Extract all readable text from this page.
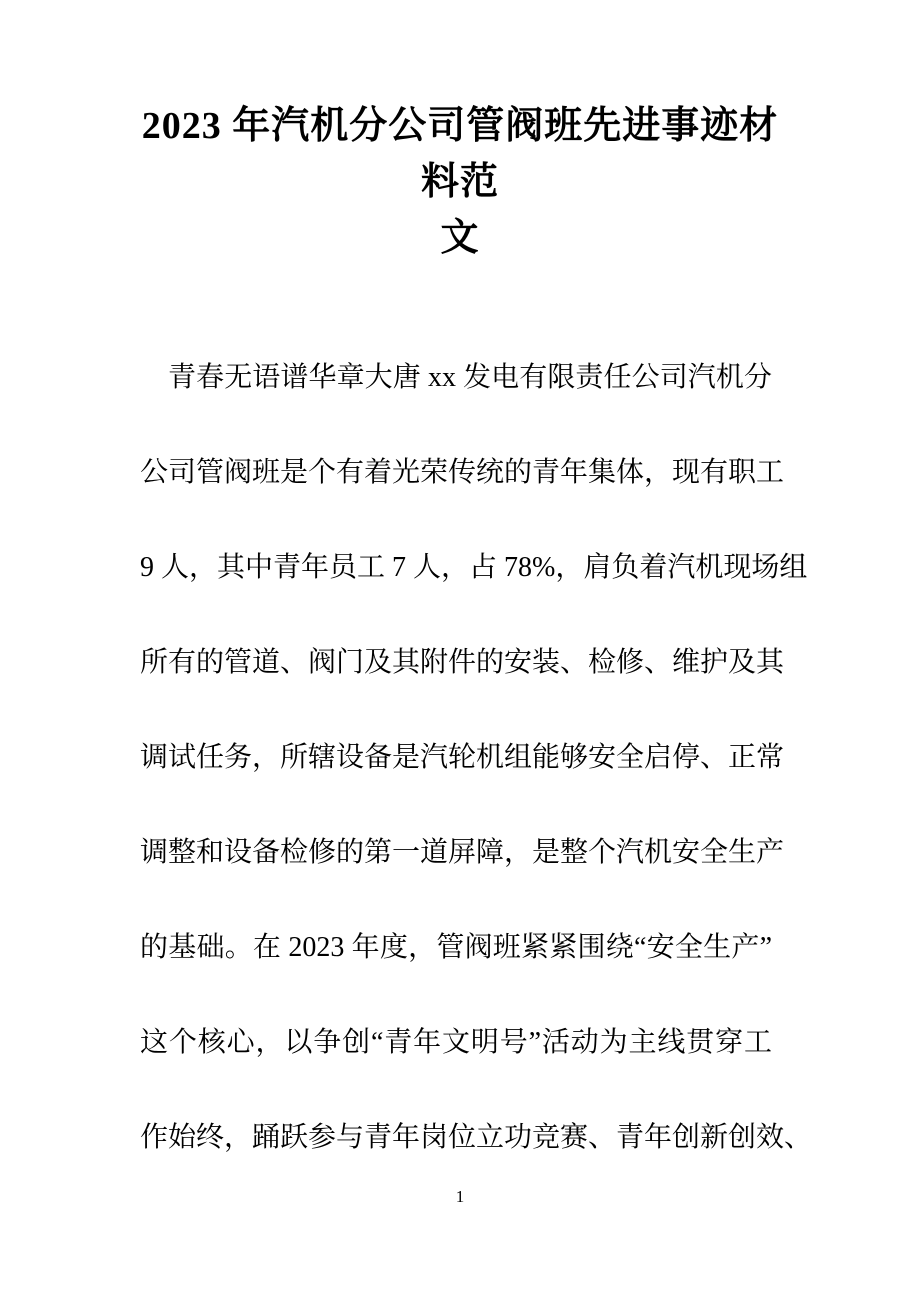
2023 年汽机分公司管阀班先进事迹材料范
文
青春无语谱华章大唐 xx 发电有限责任公司汽机分
公司管阀班是个有着光荣传统的青年集体，现有职工
9 人，其中青年员工 7 人，占 78%，肩负着汽机现场组
所有的管道、阀门及其附件的安装、检修、维护及其
调试任务，所辖设备是汽轮机组能够安全启停、正常
调整和设备检修的第一道屏障，是整个汽机安全生产
的基础。在 2023 年度，管阀班紧紧围绕“安全生产”
这个核心，以争创“青年文明号”活动为主线贯穿工
作始终，踊跃参与青年岗位立功竞赛、青年创新创效、
1
